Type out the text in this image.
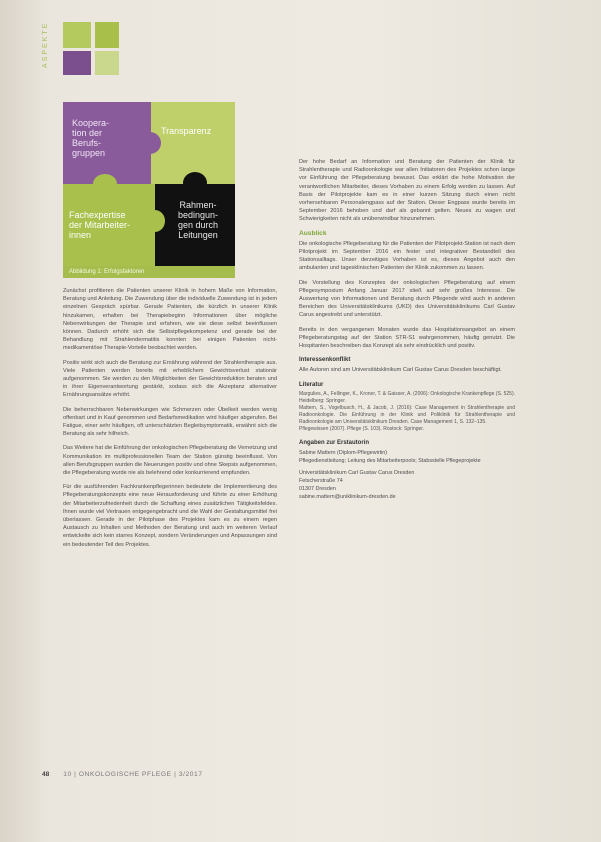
ASPEKTE
Koopera-
tion der
Berufs-
gruppen
Transparenz
Fachexpertise
der Mitarbeiter-
innen
Rahmen-
bedingun-
gen durch
Leitungen
Abbildung 1: Erfolgsfaktoren

Zunächst profitieren die Patienten unserer Klinik in hohem Maße von Information, Beratung und Anleitung. Die Zuwendung über die individuelle Zuwendung ist in jedem einzelnen Gespräch spürbar. Gerade Patienten, die kürzlich in unserer Klinik hinzukamen, erhalten bei Therapiebeginn Informationen über mögliche Nebenwirkungen der Therapie und erfahren, wie sie diese selbst beeinflussen können. Dadurch erhöht sich die Selbstpflegekompetenz und gerade bei der Behandlung mit Strahlendermatitis konnten bei einigen Patienten nicht-medikamentöse Therapie-Vorteile beobachtet werden.

Positiv wirkt sich auch die Beratung zur Ernährung während der Strahlentherapie aus. Viele Patienten werden bereits mit erheblichem Gewichtsverlust stationär aufgenommen. Sie werden zu den Möglichkeiten der Gewichtsreduktion beraten und in ihrer Eigenverantwortung gestärkt, sodass sich die Akzeptanz alternativer Ernährungsansätze erhöht.

Die beherrschbaren Nebenwirkungen wie Schmerzen oder Übelkeit werden wenig offenbart und in Kauf genommen und Bedarfsmedikation wird häufiger abgerufen. Bei Fatigue, einer sehr häufigen, oft unterschätzten Begleitsymptomatik, erwähnt sich die Beratung als sehr hilfreich.

Das Weitere hat die Einführung der onkologischen Pflegeberatung die Vernetzung und Kommunikation im multiprofessionellen Team der Station günstig beeinflusst. Von allen Berufsgruppen wurden die Neuerungen positiv und ohne Skepsis aufgenommen, die Pflegeberatung wurde nie als belehrend oder konkurrierend empfunden.

Für die ausführenden Fachkrankenpflegerinnen bedeutete die Implementierung des Pflegeberatungskonzepts eine neue Herausforderung und führte zu einer Erhöhung der Mitarbeiterzufriedenheit durch die Schaffung eines zusätzlichen Tätigkeitsfeldes. Ihnen wurde viel Vertrauen entgegengebracht und die Wahl der Gestaltungsmittel frei überlassen. Gerade in der Pilotphase des Projektes kam es zu einem regen Austausch zu Inhalten und Methoden der Beratung und auch im weiteren Verlauf entwickelte sich kein starres Konzept, sondern Veränderungen und Anpassungen sind ein bedeutender Teil des Projektes.

Der hohe Bedarf an Information und Beratung der Patienten der Klinik für Strahlentherapie und Radioonkologie war allen Initiatoren des Projektes schon lange vor Einführung der Pflegeberatung bewusst. Das erklärt die hohe Motivation der verantwortlichen Mitarbeiter, dieses Vorhaben zu einem Erfolg werden zu lassen. Auf Basis der Pilotprojekte kam es in einer kurzen Sitzung durch einen nicht vorhersehbaren Personalengpass auf der Station. Dieser Engpass wurde bereits im September 2016 behoben und darf als gebannt gelten. Neues zu wagen und Schwierigkeiten nicht als unüberwindbar hinzunehmen.

Ausblick

Die onkologische Pflegeberatung für die Patienten der Pilotprojekt-Station ist nach dem Pilotprojekt im September 2016 ein fester und integrativer Bestandteil des Stationsalltags. Unser derzeitiges Vorhaben ist es, dieses Angebot auch den ambulanten und tagesklinischen Patienten der Klinik zukommen zu lassen.

Die Vorstellung des Konzeptes der onkologischen Pflegeberatung auf einem Pflegesymposium Anfang Januar 2017 stieß auf sehr großes Interesse. Die Auswertung von Informationen und Beratung durch Pflegende wird auch in anderen Bereichen des Universitätsklinikums (UKD) des Universitätsklinikums Carl Gustav Carus angestrebt und unterstützt.

Bereits in den vergangenen Monaten wurde das Hospitationsangebot an einem Pflegeberatungstag auf der Station STR-S1 wahrgenommen, häufig genutzt. Die Hospitanten beschreiben das Konzept als sehr eindrücklich und positiv.

Interessenkonflikt

Alle Autoren sind am Universitätsklinikum Carl Gustav Carus Dresden beschäftigt.

Literatur
Margulies, A., Fellinger, K., Kroner, T. & Gaisser, A. (2006): Onkologische Krankenpflege (S. 525). Heidelberg: Springer.
Mattern, S., Vogelbusch, H., & Jacob, J. (2016): Case Management in Strahlentherapie und Radioonkologie. Die Einführung in der Klinik und Poliklinik für Strahlentherapie und Radioonkologie am Universitätsklinikum Dresden. Case Management 1, S. 132–135.
Pflegewissen (2007). Pflege (S. 103). Rostock: Springer.
Angaben zur Erstautorin
Sabine Mattern (Diplom-Pflegewirtin)
Pflegedienstleitung; Leitung des Mitarbeiterpools; Stabsstelle Pflegeprojekte
Universitätsklinikum Carl Gustav Carus Dresden
Fetscherstraße 74
01307 Dresden
sabine.mattern@uniklinikum-dresden.de
48 10 | ONKOLOGISCHE PFLEGE | 3/2017
